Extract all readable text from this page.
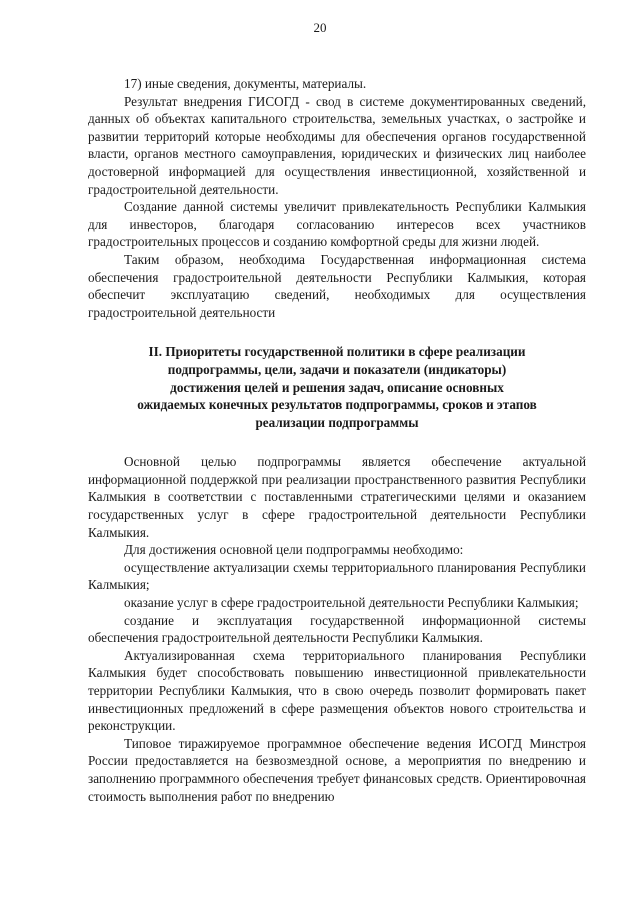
20

17) иные сведения, документы, материалы.

Результат внедрения ГИСОГД - свод в системе документированных сведений, данных об объектах капитального строительства, земельных участках, о застройке и развитии территорий которые необходимы для обеспечения органов государственной власти, органов местного самоуправления, юридических и физических лиц наиболее достоверной информацией для осуществления инвестиционной, хозяйственной и градостроительной деятельности.

Создание данной системы увеличит привлекательность Республики Калмыкия для инвесторов, благодаря согласованию интересов всех участников градостроительных процессов и созданию комфортной среды для жизни людей.

Таким образом, необходима Государственная информационная система обеспечения градостроительной деятельности Республики Калмыкия, которая обеспечит эксплуатацию сведений, необходимых для осуществления градостроительной деятельности

II. Приоритеты государственной политики в сфере реализации
подпрограммы, цели, задачи и показатели (индикаторы)
достижения целей и решения задач, описание основных
ожидаемых конечных результатов подпрограммы, сроков и этапов
реализации подпрограммы

Основной целью подпрограммы является обеспечение актуальной информационной поддержкой при реализации пространственного развития Республики Калмыкия в соответствии с поставленными стратегическими целями и оказанием государственных услуг в сфере градостроительной деятельности Республики Калмыкия.

Для достижения основной цели подпрограммы необходимо:

осуществление актуализации схемы территориального планирования Республики Калмыкия;

оказание услуг в сфере градостроительной деятельности Республики Калмыкия;

создание и эксплуатация государственной информационной системы обеспечения градостроительной деятельности Республики Калмыкия.

Актуализированная схема территориального планирования Республики Калмыкия будет способствовать повышению инвестиционной привлекательности территории Республики Калмыкия, что в свою очередь позволит формировать пакет инвестиционных предложений в сфере размещения объектов нового строительства и реконструкции.

Типовое тиражируемое программное обеспечение ведения ИСОГД Минстроя России предоставляется на безвозмездной основе, а мероприятия по внедрению и заполнению программного обеспечения требует финансовых средств. Ориентировочная стоимость выполнения работ по внедрению
